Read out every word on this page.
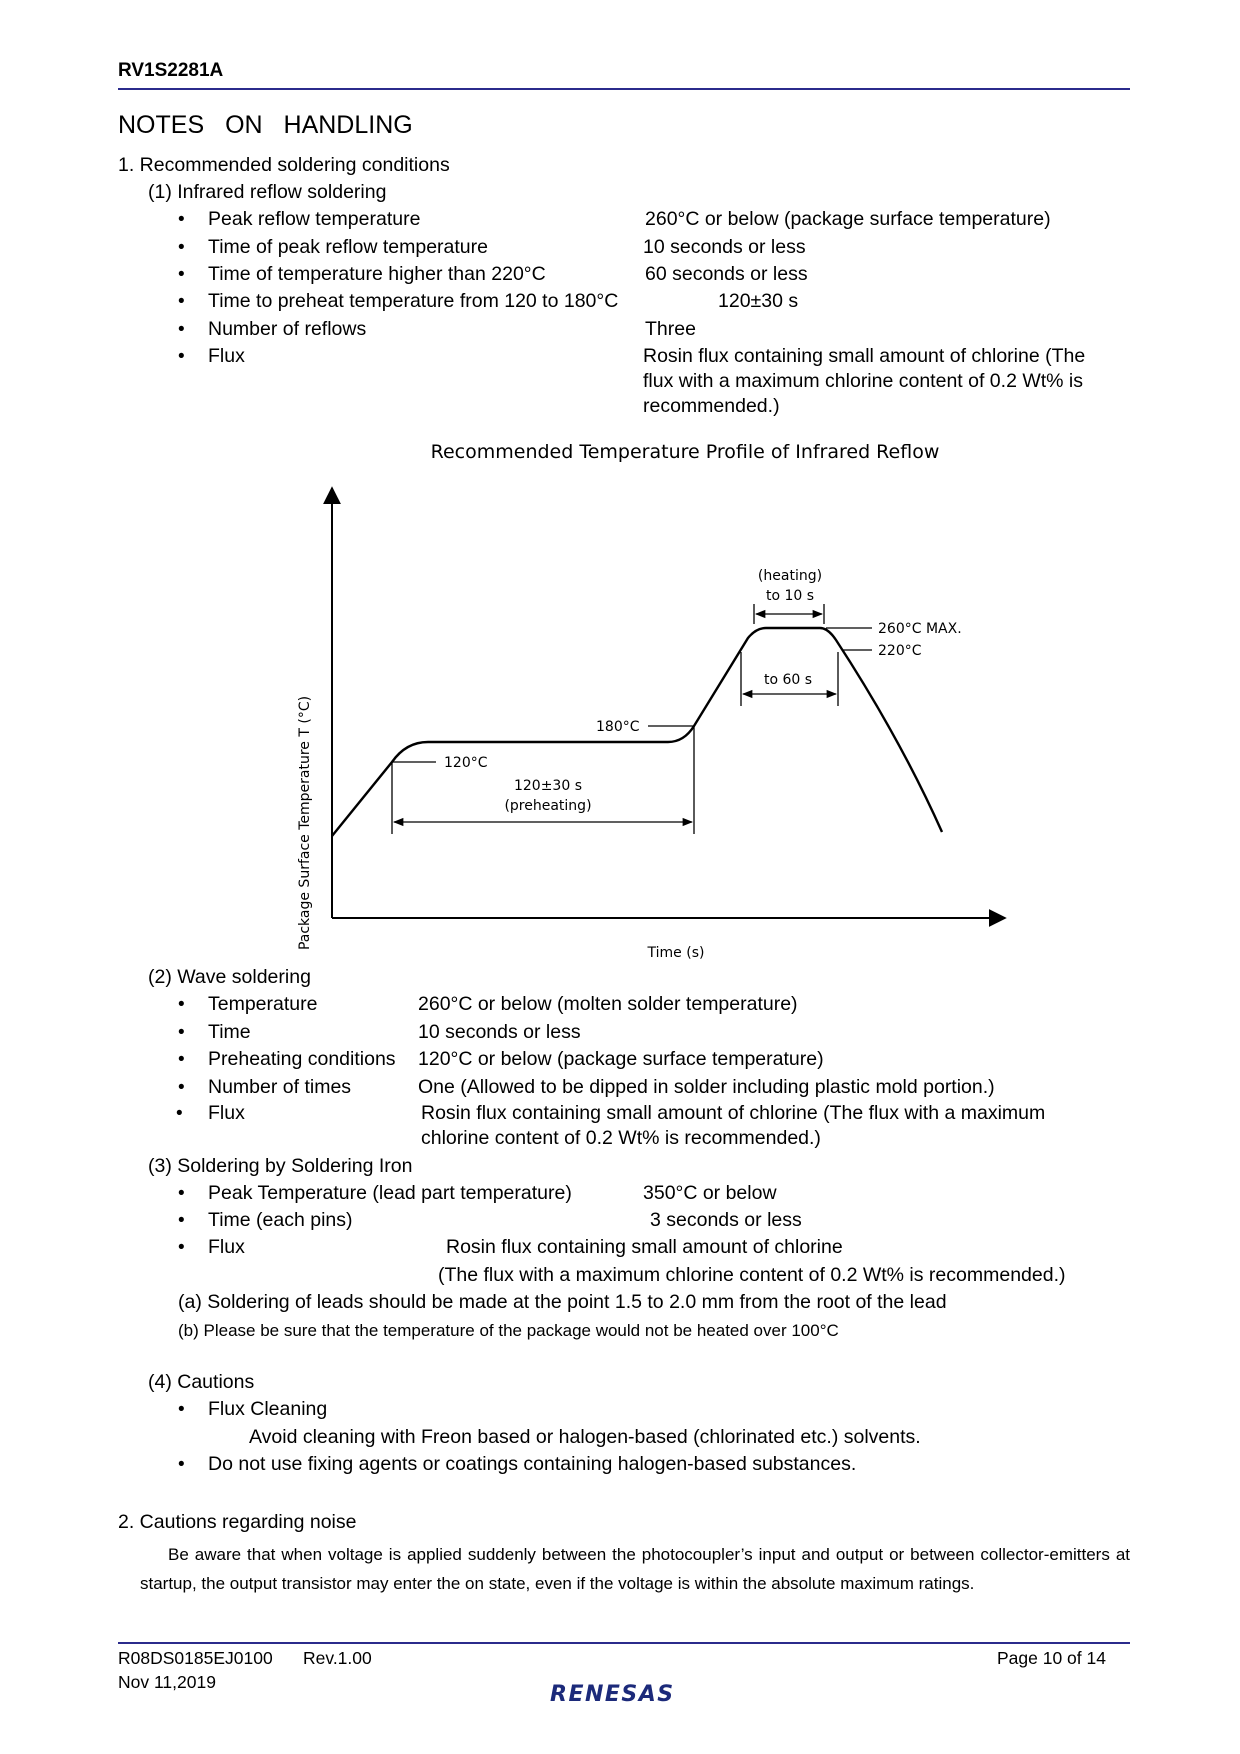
RV1S2281A
NOTES ON HANDLING
1. Recommended soldering conditions
(1) Infrared reflow soldering
• Peak reflow temperature	260°C or below (package surface temperature)
• Time of peak reflow temperature	10 seconds or less
• Time of temperature higher than 220°C	60 seconds or less
• Time to preheat temperature from 120 to 180°C	120±30 s
• Number of reflows	Three
• Flux	Rosin flux containing small amount of chlorine (The
flux with a maximum chlorine content of 0.2 Wt% is
recommended.)
Recommended Temperature Profile of Infrared Reflow
Package Surface Temperature T (°C)
Time (s)
260°C MAX.
220°C
180°C
120°C
(heating)
to 10 s
to 60 s
120±30 s
(preheating)
(2) Wave soldering
• Temperature	260°C or below (molten solder temperature)
• Time	10 seconds or less
• Preheating conditions 120°C or below (package surface temperature)
• Number of times	One (Allowed to be dipped in solder including plastic mold portion.)
• Flux	Rosin flux containing small amount of chlorine (The flux with a maximum
chlorine content of 0.2 Wt% is recommended.)
(3) Soldering by Soldering Iron
• Peak Temperature (lead part temperature)	350°C or below
• Time (each pins)	3 seconds or less
• Flux	Rosin flux containing small amount of chlorine
(The flux with a maximum chlorine content of 0.2 Wt% is recommended.)
(a) Soldering of leads should be made at the point 1.5 to 2.0 mm from the root of the lead
(b) Please be sure that the temperature of the package would not be heated over 100°C
(4) Cautions
• Flux Cleaning
Avoid cleaning with Freon based or halogen-based (chlorinated etc.) solvents.
• Do not use fixing agents or coatings containing halogen-based substances.
2. Cautions regarding noise
Be aware that when voltage is applied suddenly between the photocoupler’s input and output or between collector-emitters at startup, the output transistor may enter the on state, even if the voltage is within the absolute maximum ratings.
R08DS0185EJ0100 Rev.1.00
Nov 11,2019
Page 10 of 14
RENESAS
